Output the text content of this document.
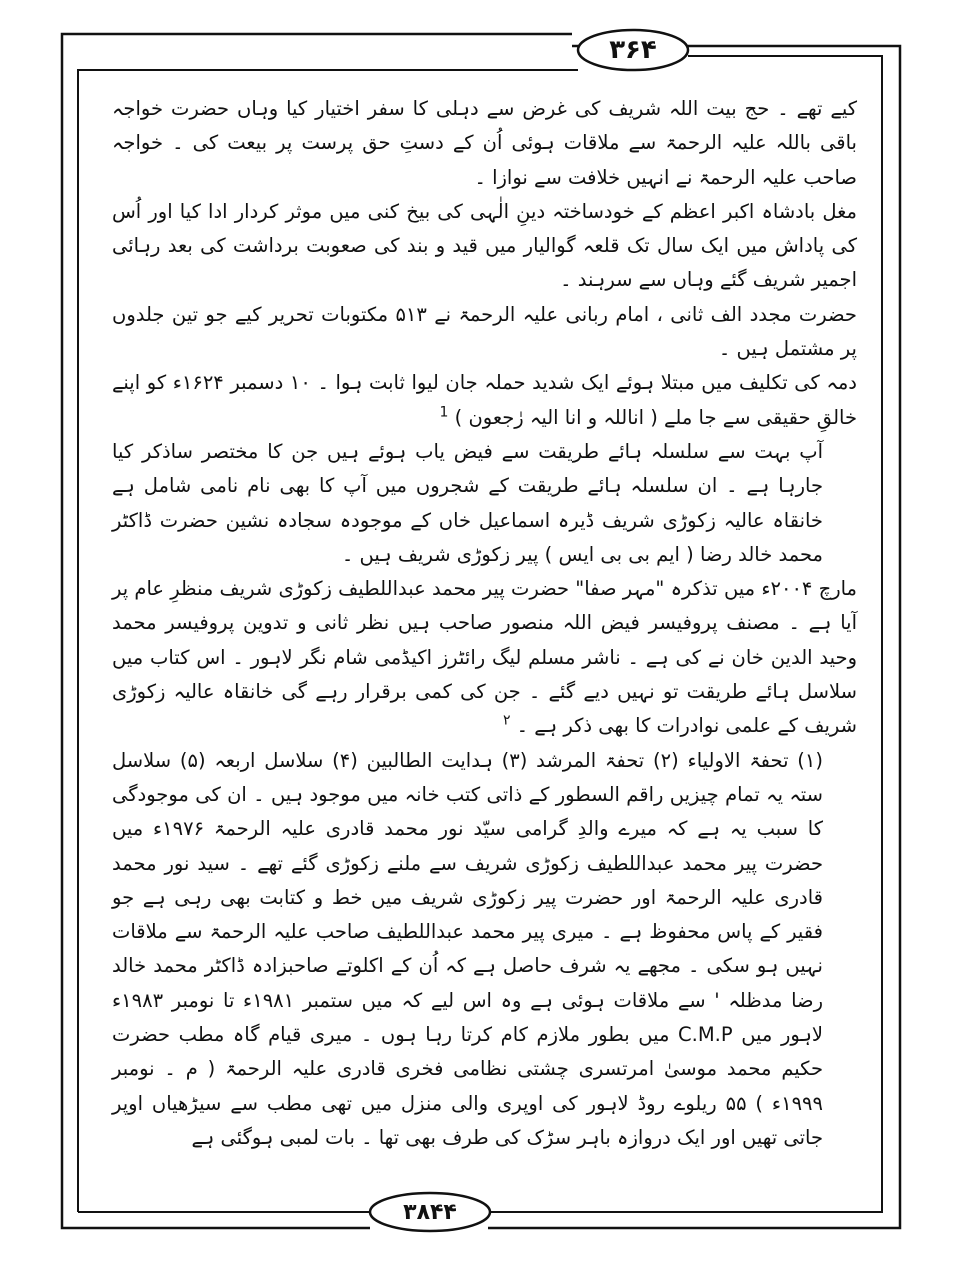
۳۶۴
۳۸۴۴

کیے تھے ۔ حج بیت اللہ شریف کی غرض سے دہلی کا سفر اختیار کیا وہاں حضرت خواجہ باقی باللہ علیہ الرحمۃ سے ملاقات ہوئی اُن کے دستِ حق پرست پر بیعت کی ۔ خواجہ صاحب علیہ الرحمۃ نے انہیں خلافت سے نوازا ۔

مغل بادشاہ اکبر اعظم کے خودساختہ دینِ الٰہی کی بیخ کنی میں موثر کردار ادا کیا اور اُس کی پاداش میں ایک سال تک قلعہ گوالیار میں قید و بند کی صعوبت برداشت کی بعد رہائی اجمیر شریف گئے وہاں سے سرہند ۔

حضرت مجدد الف ثانی ، امام ربانی علیہ الرحمۃ نے ۵۱۳ مکتوبات تحریر کیے جو تین جلدوں پر مشتمل ہیں ۔

دمہ کی تکلیف میں مبتلا ہوئے ایک شدید حملہ جان لیوا ثابت ہوا ۔ ۱۰ دسمبر ۱۶۲۴ء کو اپنے خالقِ حقیقی سے جا ملے ( اناللہ و انا الیہ رٰجعون ) $^1$

آپ بہت سے سلسلہ ہائے طریقت سے فیض یاب ہوئے ہیں جن کا مختصر ساذکر کیا جارہا ہے ۔ ان سلسلہ ہائے طریقت کے شجروں میں آپ کا بھی نام نامی شامل ہے خانقاہ عالیہ زکوڑی شریف ڈیرہ اسماعیل خاں کے موجودہ سجادہ نشین حضرت ڈاکٹر محمد خالد رضا ( ایم بی بی ایس ) پیر زکوڑی شریف ہیں ۔

مارچ ۲۰۰۴ء میں تذکرہ "مہر صفا" حضرت پیر محمد عبداللطیف زکوڑی شریف منظرِ عام پر آیا ہے ۔ مصنف پروفیسر فیض اللہ منصور صاحب ہیں نظر ثانی و تدوین پروفیسر محمد وحید الدین خان نے کی ہے ۔ ناشر مسلم لیگ رائٹرز اکیڈمی شام نگر لاہور ۔ اس کتاب میں سلاسل ہائے طریقت تو نہیں دیے گئے ۔ جن کی کمی برقرار رہے گی خانقاہ عالیہ زکوڑی شریف کے علمی نوادرات کا بھی ذکر ہے ۔ $^۲$

(۱) تحفۃ الاولیاء (۲) تحفۃ المرشد (۳) ہدایت الطالبین (۴) سلاسل اربعہ (۵) سلاسل ستہ یہ تمام چیزیں راقم السطور کے ذاتی کتب خانہ میں موجود ہیں ۔ ان کی موجودگی کا سبب یہ ہے کہ میرے والدِ گرامی سیّد نور محمد قادری علیہ الرحمۃ ۱۹۷۶ء میں حضرت پیر محمد عبداللطیف زکوڑی شریف سے ملنے زکوڑی گئے تھے ۔ سید نور محمد قادری علیہ الرحمۃ اور حضرت پیر زکوڑی شریف میں خط و کتابت بھی رہی ہے جو فقیر کے پاس محفوظ ہے ۔ میری پیر محمد عبداللطیف صاحب علیہ الرحمۃ سے ملاقات نہیں ہو سکی ۔ مجھے یہ شرف حاصل ہے کہ اُن کے اکلوتے صاحبزادہ ڈاکٹر محمد خالد رضا مدظلہ ' سے ملاقات ہوئی ہے وہ اس لیے کہ میں ستمبر ۱۹۸۱ء تا نومبر ۱۹۸۳ء لاہور میں C.M.P میں بطور ملازم کام کرتا رہا ہوں ۔ میری قیام گاہ مطب حضرت حکیم محمد موسیٰ امرتسری چشتی نظامی فخری قادری علیہ الرحمۃ ( م ۔ نومبر ۱۹۹۹ء ) ۵۵ ریلوے روڈ لاہور کی اوپری والی منزل میں تھی مطب سے سیڑھیاں اوپر جاتی تھیں اور ایک دروازہ باہر سڑک کی طرف بھی تھا ۔ بات لمبی ہوگئی ہے
